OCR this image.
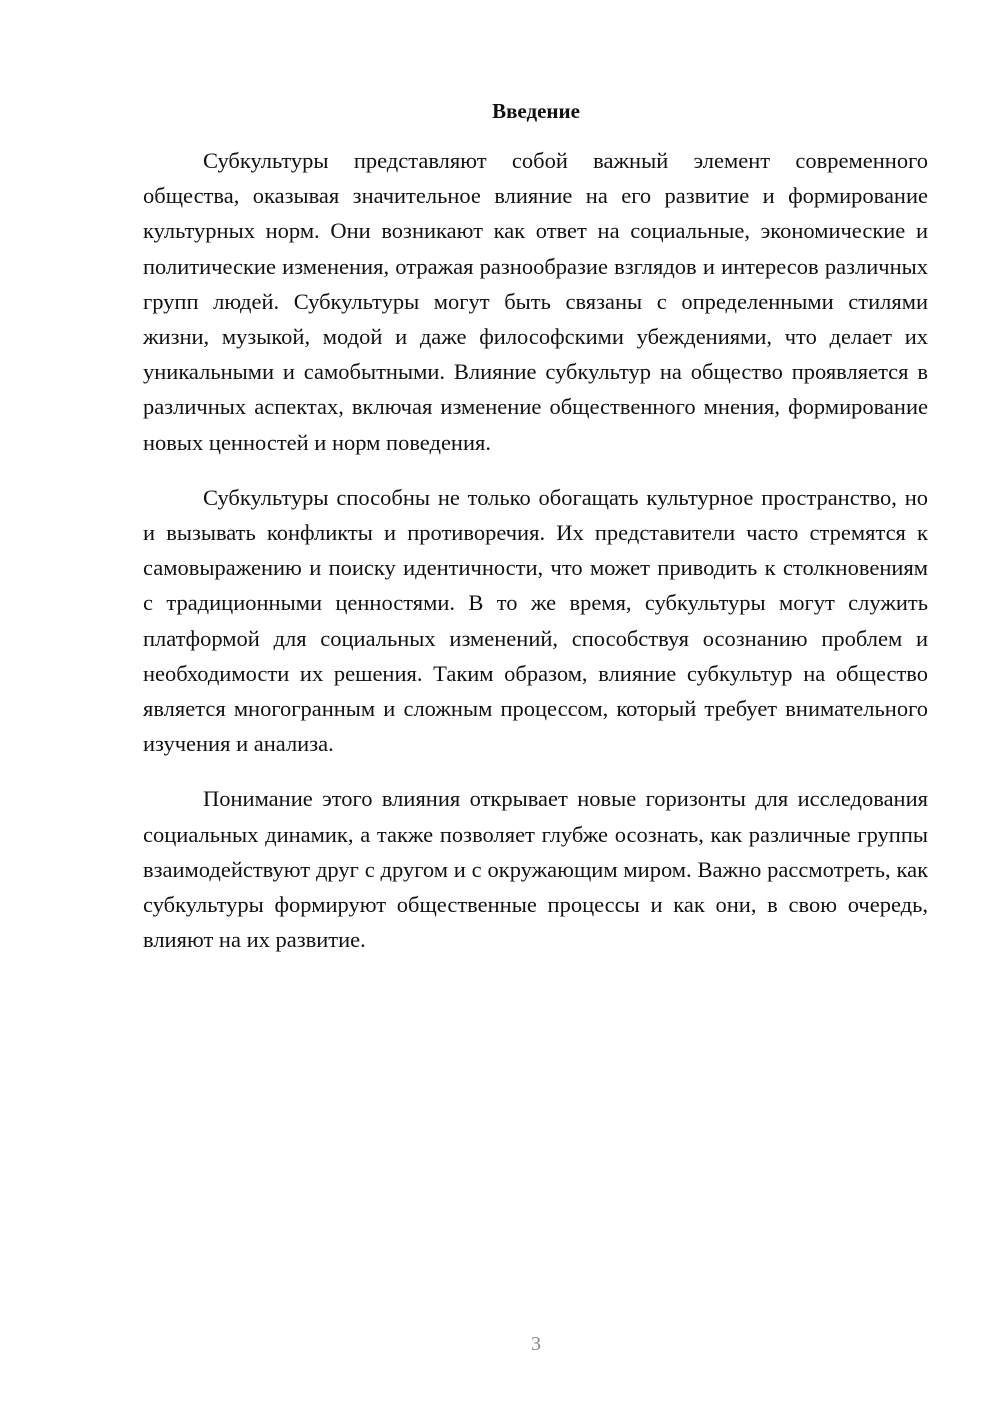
Введение

Субкультуры представляют собой важный элемент современного общества, оказывая значительное влияние на его развитие и формирование культурных норм. Они возникают как ответ на социальные, экономические и политические изменения, отражая разнообразие взглядов и интересов различных групп людей. Субкультуры могут быть связаны с определенными стилями жизни, музыкой, модой и даже философскими убеждениями, что делает их уникальными и самобытными. Влияние субкультур на общество проявляется в различных аспектах, включая изменение общественного мнения, формирование новых ценностей и норм поведения.

Субкультуры способны не только обогащать культурное пространство, но и вызывать конфликты и противоречия. Их представители часто стремятся к самовыражению и поиску идентичности, что может приводить к столкновениям с традиционными ценностями. В то же время, субкультуры могут служить платформой для социальных изменений, способствуя осознанию проблем и необходимости их решения. Таким образом, влияние субкультур на общество является многогранным и сложным процессом, который требует внимательного изучения и анализа.

Понимание этого влияния открывает новые горизонты для исследования социальных динамик, а также позволяет глубже осознать, как различные группы взаимодействуют друг с другом и с окружающим миром. Важно рассмотреть, как субкультуры формируют общественные процессы и как они, в свою очередь, влияют на их развитие.

3
